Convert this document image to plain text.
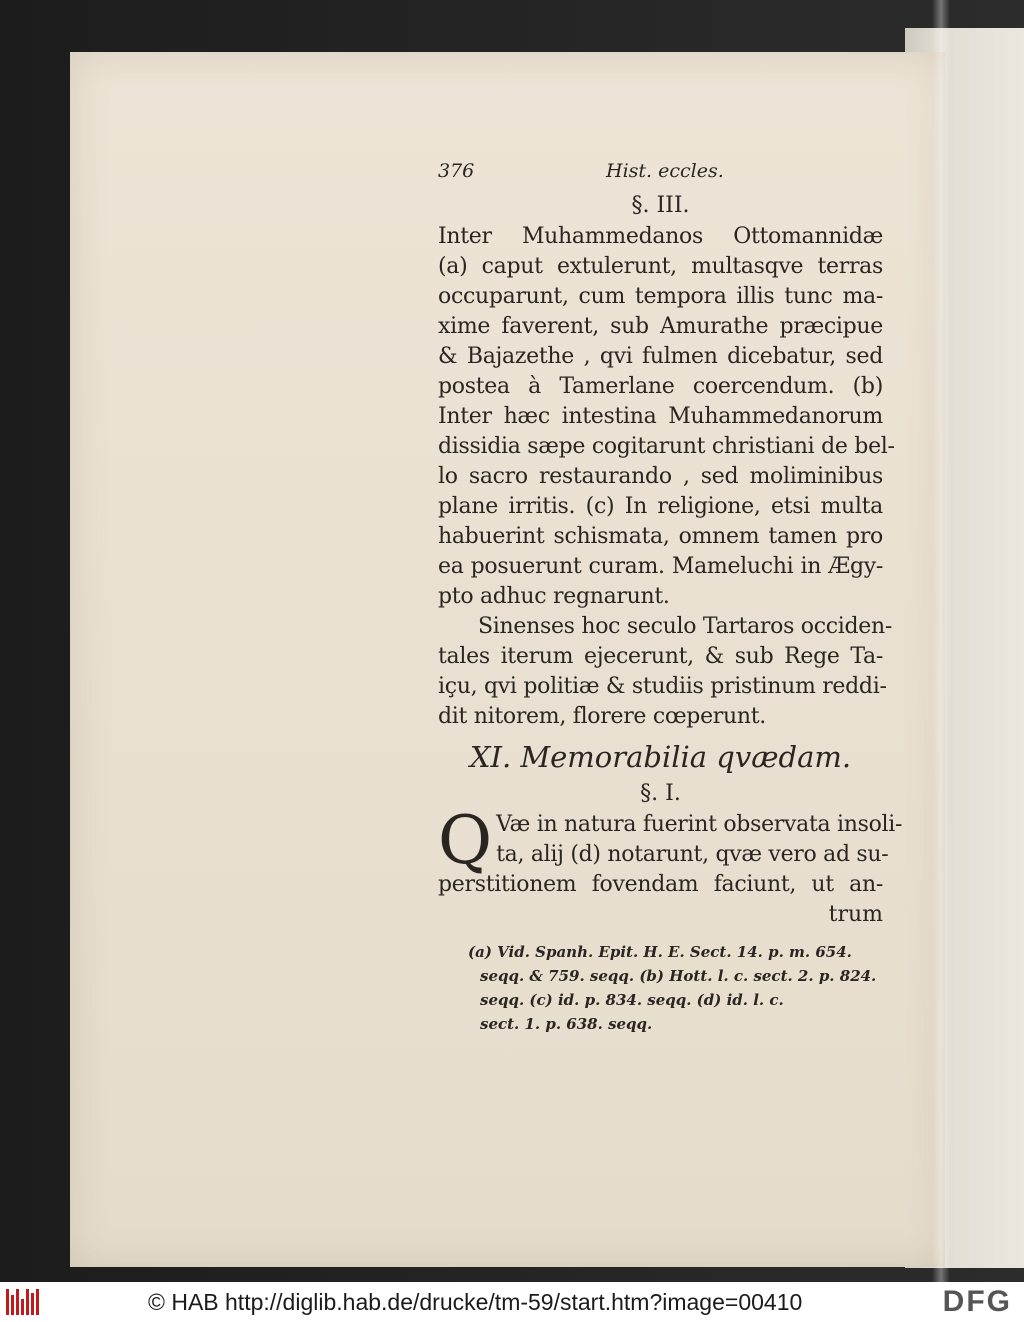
376	Hist. eccles.
§. III.
Inter Muhammedanos Ottomannidæ
(a) caput extulerunt, multasqve terras
occuparunt, cum tempora illis tunc ma-
xime faverent, sub Amurathe præcipue
& Bajazethe , qvi fulmen dicebatur, sed
postea à Tamerlane coercendum. (b)
Inter hæc intestina Muhammedanorum
dissidia sæpe cogitarunt christiani de bel-
lo sacro restaurando , sed moliminibus
plane irritis. (c) In religione, etsi multa
habuerint schismata, omnem tamen pro
ea posuerunt curam. Mameluchi in Ægy-
pto adhuc regnarunt.
Sinenses hoc seculo Tartaros occiden-
tales iterum ejecerunt, & sub Rege Ta-
içu, qvi politiæ & studiis pristinum reddi-
dit nitorem, florere cœperunt.
XI. Memorabilia qvædam.
§. I.
Q Væ in natura fuerint observata insoli-
ta, alij (d) notarunt, qvæ vero ad su-
perstitionem fovendam faciunt, ut an-
trum
(a) Vid. Spanh. Epit. H. E. Sect. 14. p. m. 654.
seqq. & 759. seqq. (b) Hott. l. c. sect. 2. p. 824.
seqq. (c) id. p. 834. seqq. (d) id. l. c.
sect. 1. p. 638. seqq.
© HAB http://diglib.hab.de/drucke/tm-59/start.htm?image=00410	DFG
